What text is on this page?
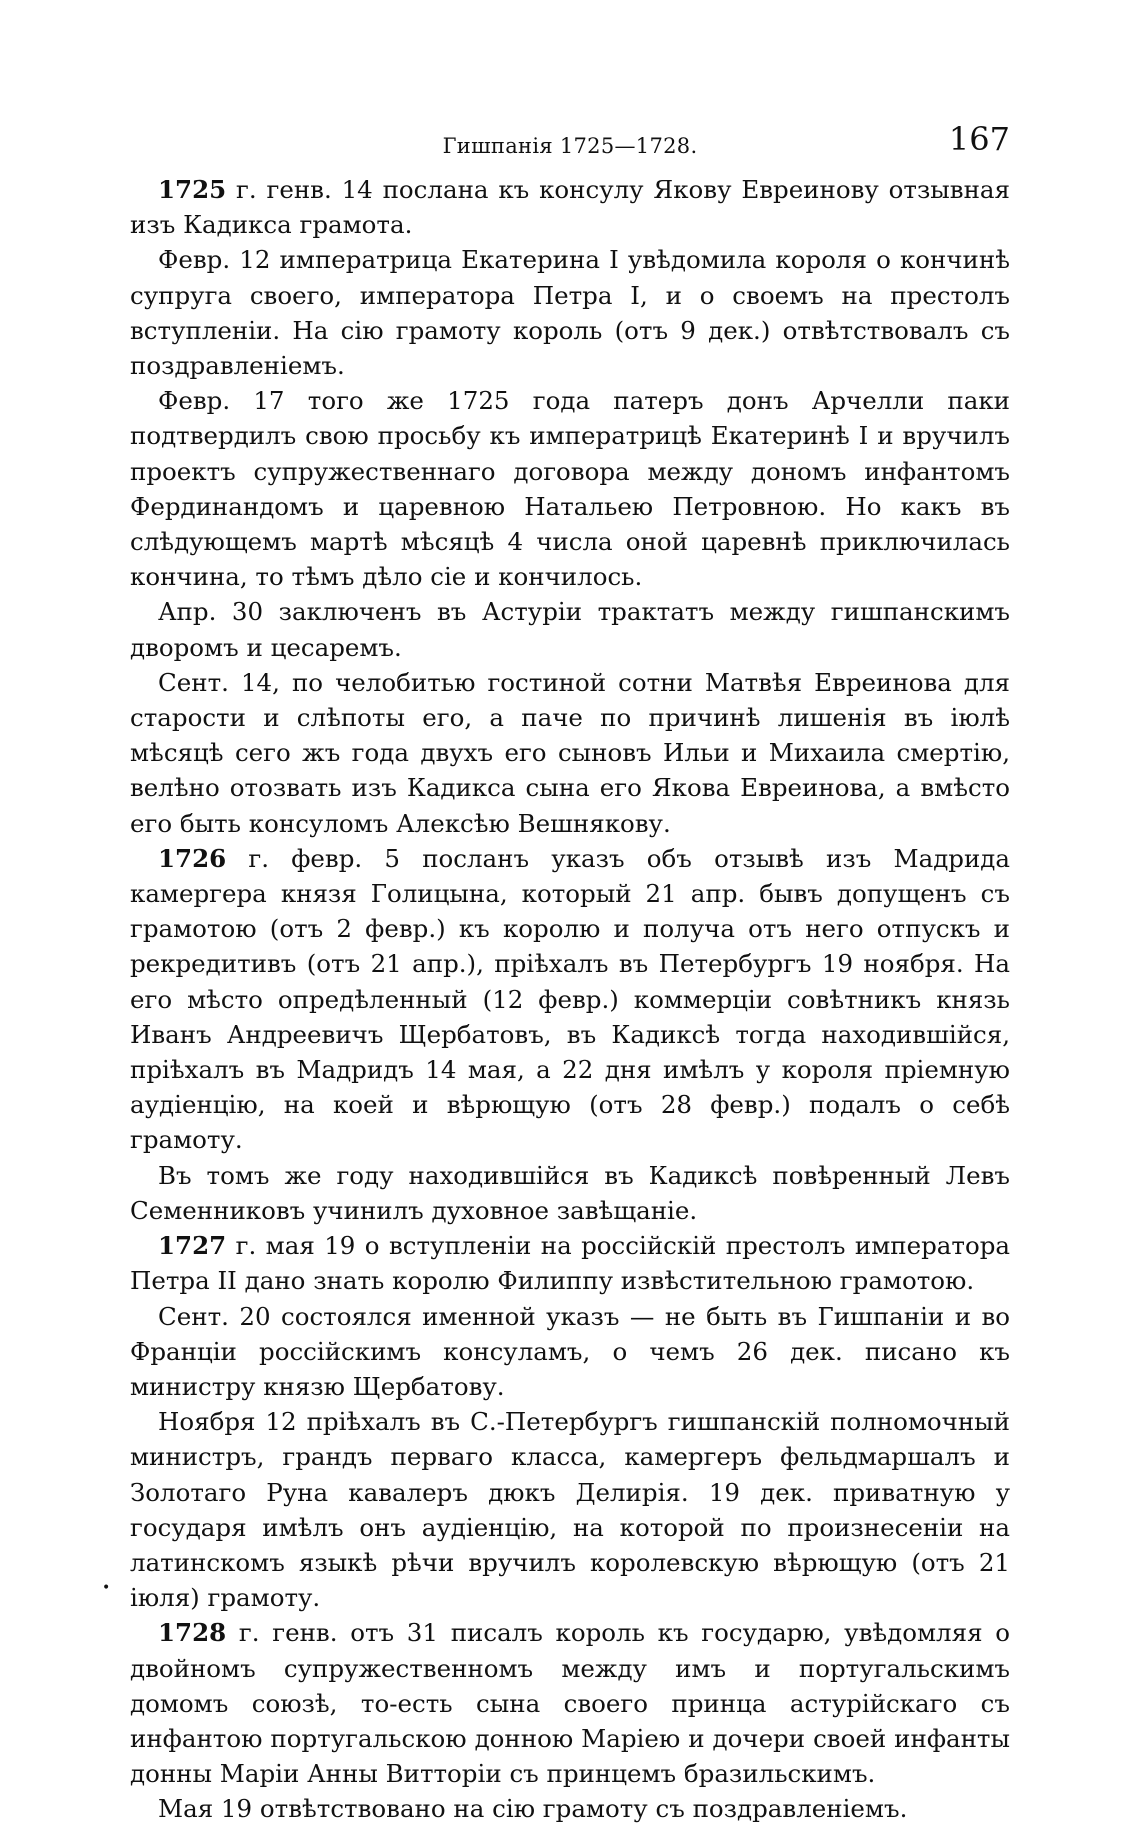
Гишпанія 1725—1728.	167

1725 г. генв. 14 послана къ консулу Якову Евреинову отзывная изъ Кадикса грамота.

Февр. 12 императрица Екатерина I увѣдомила короля о кончинѣ супруга своего, императора Петра I, и о своемъ на престолъ вступленіи. На сію грамоту король (отъ 9 дек.) отвѣтствовалъ съ поздравленіемъ.

Февр. 17 того же 1725 года патеръ донъ Арчелли паки подтвердилъ свою просьбу къ императрицѣ Екатеринѣ I и вручилъ проектъ супружественнаго договора между дономъ инфантомъ Фердинандомъ и царевною Натальею Петровною. Но какъ въ слѣдующемъ мартѣ мѣсяцѣ 4 числа оной царевнѣ приключилась кончина, то тѣмъ дѣло сіе и кончилось.

Апр. 30 заключенъ въ Астуріи трактатъ между гишпанскимъ дворомъ и цесаремъ.

Сент. 14, по челобитью гостиной сотни Матвѣя Евреинова для старости и слѣпоты его, а паче по причинѣ лишенія въ іюлѣ мѣсяцѣ сего жъ года двухъ его сыновъ Ильи и Михаила смертію, велѣно отозвать изъ Кадикса сына его Якова Евреинова, а вмѣсто его быть консуломъ Алексѣю Вешнякову.

1726 г. февр. 5 посланъ указъ объ отзывѣ изъ Мадрида камергера князя Голицына, который 21 апр. бывъ допущенъ съ грамотою (отъ 2 февр.) къ королю и получа отъ него отпускъ и рекредитивъ (отъ 21 апр.), пріѣхалъ въ Петербургъ 19 ноября. На его мѣсто опредѣленный (12 февр.) коммерціи совѣтникъ князь Иванъ Андреевичъ Щербатовъ, въ Кадиксѣ тогда находившійся, пріѣхалъ въ Мадридъ 14 мая, а 22 дня имѣлъ у короля пріемную аудіенцію, на коей и вѣрющую (отъ 28 февр.) подалъ о себѣ грамоту.

Въ томъ же году находившійся въ Кадиксѣ повѣренный Левъ Семенниковъ учинилъ духовное завѣщаніе.

1727 г. мая 19 о вступленіи на россійскій престолъ императора Петра II дано знать королю Филиппу извѣстительною грамотою.

Сент. 20 состоялся именной указъ — не быть въ Гишпаніи и во Франціи россійскимъ консуламъ, о чемъ 26 дек. писано къ министру князю Щербатову.

Ноября 12 пріѣхалъ въ С.-Петербургъ гишпанскій полномочный министръ, грандъ перваго класса, камергеръ фельдмаршалъ и Золотаго Руна кавалеръ дюкъ Делирія. 19 дек. приватную у государя имѣлъ онъ аудіенцію, на которой по произнесеніи на латинскомъ языкѣ рѣчи вручилъ королевскую вѣрющую (отъ 21 іюля) грамоту.

1728 г. генв. отъ 31 писалъ король къ государю, увѣдомляя о двойномъ супружественномъ между имъ и португальскимъ домомъ союзѣ, то-есть сына своего принца астурійскаго съ инфантою португальскою донною Маріею и дочери своей инфанты донны Маріи Анны Витторіи съ принцемъ бразильскимъ.

Мая 19 отвѣтствовано на сію грамоту съ поздравленіемъ.

•
